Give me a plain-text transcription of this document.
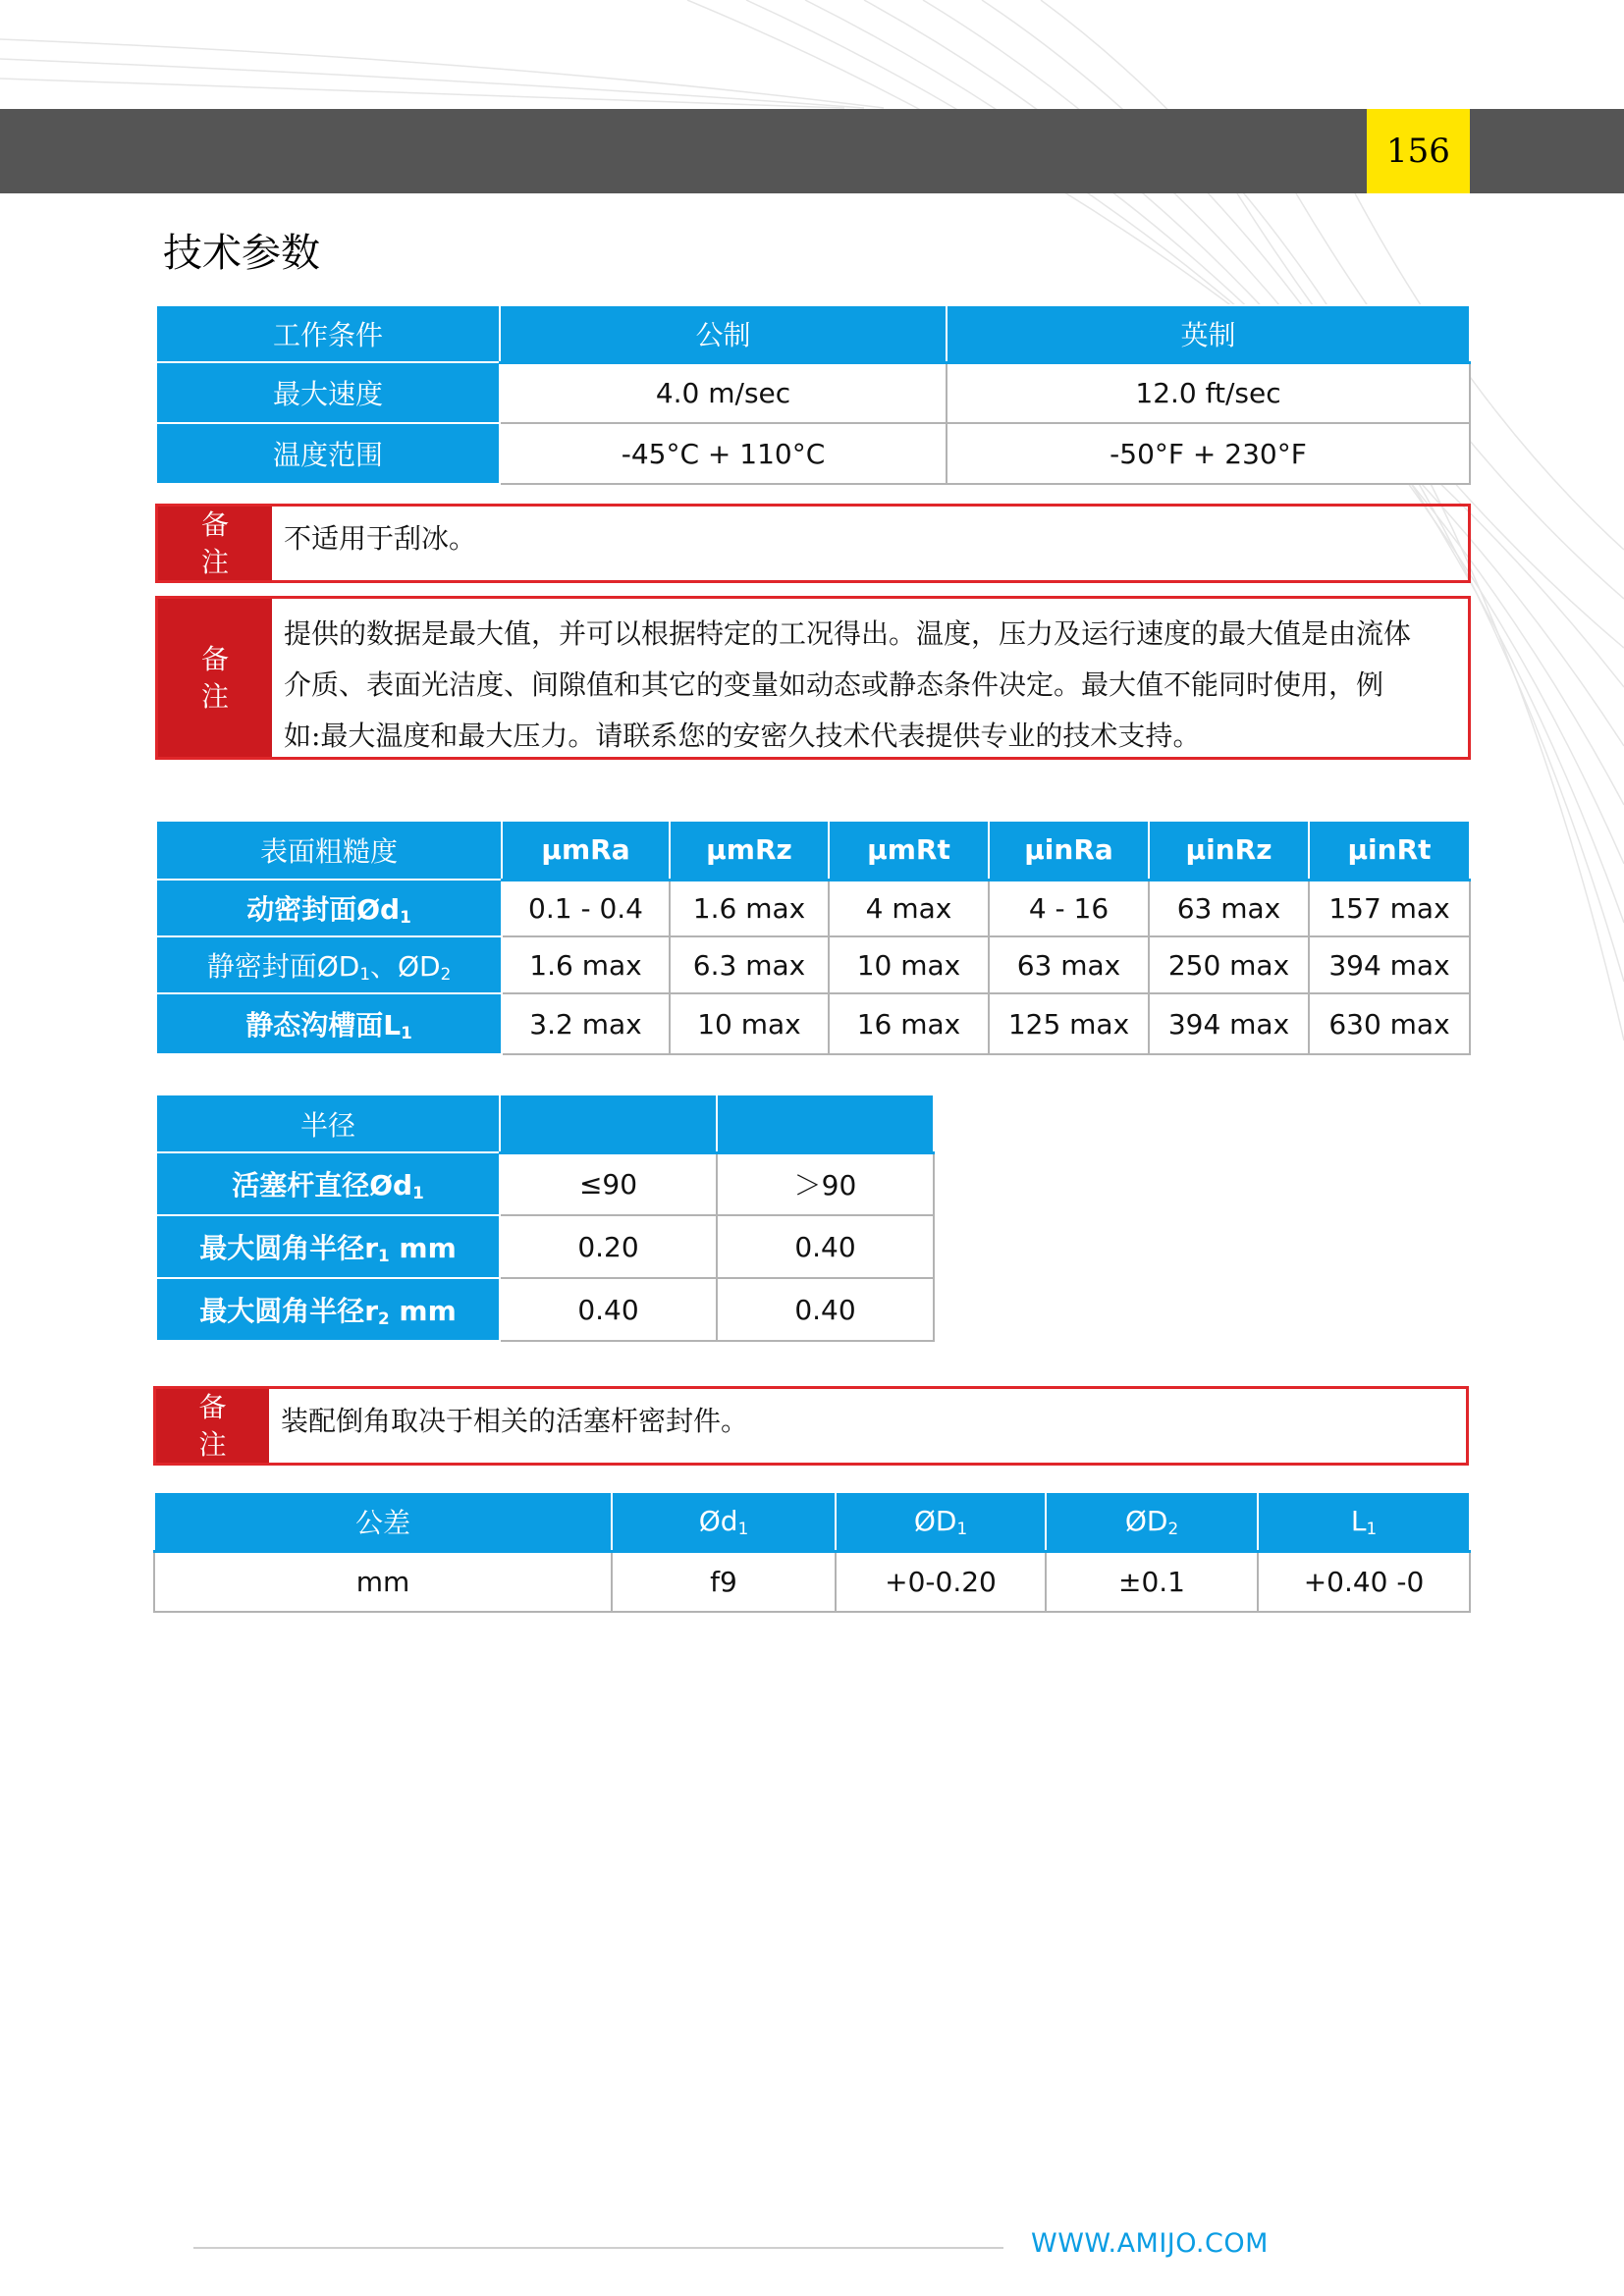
156
技术参数
工作条件	公制	英制
最大速度	4.0 m/sec	12.0 ft/sec
温度范围	-45°C + 110°C	-50°F + 230°F
备
注
不适用于刮冰。
备
注
提供的数据是最大值，并可以根据特定的工况得出。温度，压力及运行速度的最大值是由流体
介质、表面光洁度、间隙值和其它的变量如动态或静态条件决定。最大值不能同时使用，例
如:最大温度和最大压力。请联系您的安密久技术代表提供专业的技术支持。
表面粗糙度	µmRa	µmRz	µmRt	µinRa	µinRz	µinRt
动密封面$Ød_1$	0.1 - 0.4	1.6 max	4 max	4 - 16	63 max	157 max
静密封面$ØD_1$、$ØD_2$	1.6 max	6.3 max	10 max	63 max	250 max	394 max
静态沟槽面$L_1$	3.2 max	10 max	16 max	125 max	394 max	630 max
半径		
活塞杆直径$Ød_1$	≤90	＞90
最大圆角半径$r_1$ mm	0.20	0.40
最大圆角半径$r_2$ mm	0.40	0.40
备
注
装配倒角取决于相关的活塞杆密封件。
公差	$Ød_1$	$ØD_1$	$ØD_2$	$L_1$
mm	f9	+0-0.20	±0.1	+0.40 -0
WWW.AMIJO.COM
